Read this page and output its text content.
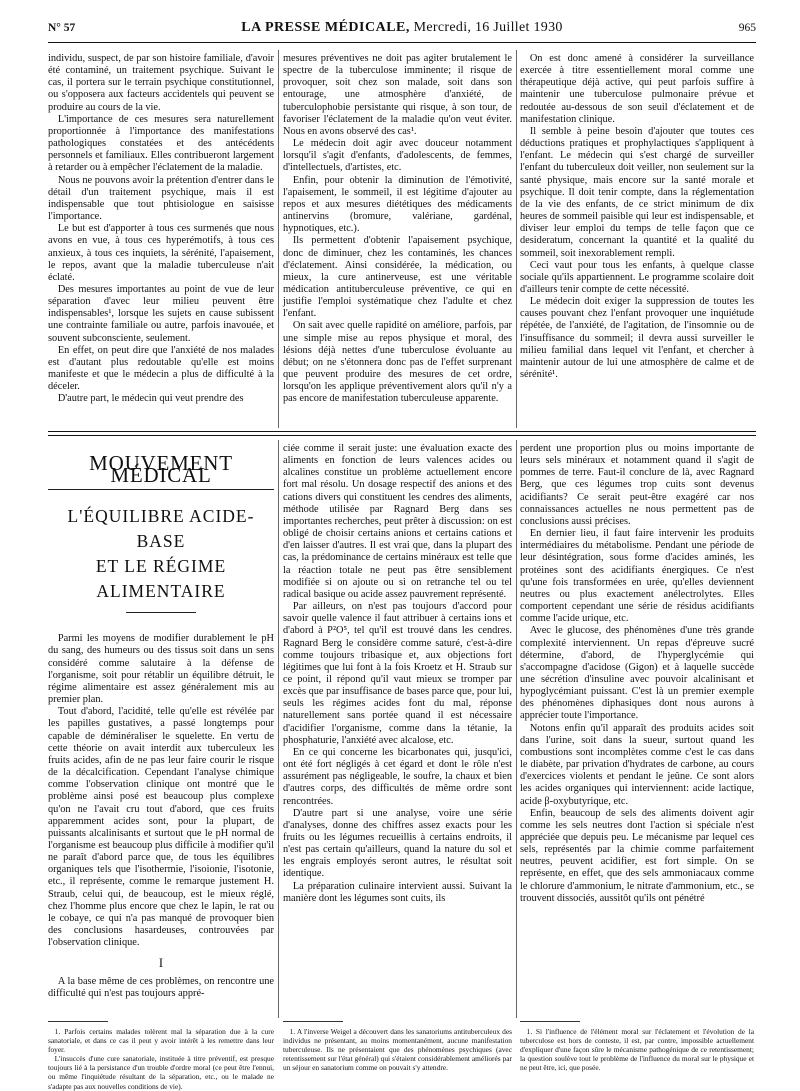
N° 57	LA PRESSE MÉDICALE, Mercredi, 16 Juillet 1930	965

individu, suspect, de par son histoire familiale, d'avoir été contaminé, un traitement psychique. Suivant le cas, il portera sur le terrain psychique constitutionnel, ou s'opposera aux facteurs accidentels qui peuvent se produire au cours de la vie.

L'importance de ces mesures sera naturellement proportionnée à l'importance des manifestations pathologiques constatées et des antécédents personnels et familiaux. Elles contribueront largement à retarder ou à empêcher l'éclatement de la maladie.

Nous ne pouvons avoir la prétention d'entrer dans le détail d'un traitement psychique, mais il est indispensable que tout phtisiologue en saisisse l'importance.

Le but est d'apporter à tous ces surmenés que nous avons en vue, à tous ces hyperémotifs, à tous ces anxieux, à tous ces inquiets, la sérénité, l'apaisement, le repos, avant que la maladie tuberculeuse n'ait éclaté.

Des mesures importantes au point de vue de leur séparation d'avec leur milieu peuvent être indispensables¹, lorsque les sujets en cause subissent une contrainte familiale ou autre, parfois inavouée, et souvent subconsciente, seulement.

En effet, on peut dire que l'anxiété de nos malades est d'autant plus redoutable qu'elle est moins manifeste et que le médecin a plus de difficulté à la déceler.

D'autre part, le médecin qui veut prendre des

mesures préventives ne doit pas agiter brutalement le spectre de la tuberculose imminente; il risque de provoquer, soit chez son malade, soit dans son entourage, une atmosphère d'anxiété, de tuberculophobie persistante qui risque, à son tour, de favoriser l'éclatement de la maladie qu'on veut éviter. Nous en avons observé des cas¹.

Le médecin doit agir avec douceur notamment lorsqu'il s'agit d'enfants, d'adolescents, de femmes, d'intellectuels, d'artistes, etc.

Enfin, pour obtenir la diminution de l'émotivité, l'apaisement, le sommeil, il est légitime d'ajouter au repos et aux mesures diététiques des médicaments antinervins (bromure, valériane, gardénal, hypnotiques, etc.).

Ils permettent d'obtenir l'apaisement psychique, donc de diminuer, chez les contaminés, les chances d'éclatement. Ainsi considérée, la médication, ou mieux, la cure antinerveuse, est une véritable médication antituberculeuse préventive, ce qui en justifie l'emploi systématique chez l'adulte et chez l'enfant.

On sait avec quelle rapidité on améliore, parfois, par une simple mise au repos physique et moral, des lésions déjà nettes d'une tuberculose évoluante au début; on ne s'étonnera donc pas de l'effet surprenant que peuvent produire des mesures de cet ordre, lorsqu'on les applique préventivement alors qu'il n'y a pas encore de manifestation tuberculeuse apparente.

On est donc amené à considérer la surveillance exercée à titre essentiellement moral comme une thérapeutique déjà active, qui peut parfois suffire à maintenir une tuberculose pulmonaire prévue et redoutée au-dessous de son seuil d'éclatement et de manifestation clinique.

Il semble à peine besoin d'ajouter que toutes ces déductions pratiques et prophylactiques s'appliquent à l'enfant. Le médecin qui s'est chargé de surveiller l'enfant du tuberculeux doit veiller, non seulement sur la santé physique, mais encore sur la santé morale et psychique. Il doit tenir compte, dans la réglementation de la vie des enfants, de ce strict minimum de dix heures de sommeil paisible qui leur est indispensable, et diviser leur emploi du temps de telle façon que ce desideratum, concernant la quantité et la qualité du sommeil, soit inexorablement rempli.

Ceci vaut pour tous les enfants, à quelque classe sociale qu'ils appartiennent. Le programme scolaire doit d'ailleurs tenir compte de cette nécessité.

Le médecin doit exiger la suppression de toutes les causes pouvant chez l'enfant provoquer une inquiétude répétée, de l'anxiété, de l'agitation, de l'insomnie ou de l'insuffisance du sommeil; il devra aussi surveiller le milieu familial dans lequel vit l'enfant, et chercher à maintenir autour de lui une atmosphère de calme et de sérénité¹.

MOUVEMENT MÉDICAL
L'ÉQUILIBRE ACIDE-BASE
ET LE RÉGIME ALIMENTAIRE

Parmi les moyens de modifier durablement le pH du sang, des humeurs ou des tissus soit dans un sens considéré comme salutaire à la défense de l'organisme, soit pour rétablir un équilibre détruit, le régime alimentaire est assez généralement mis au premier plan.

Tout d'abord, l'acidité, telle qu'elle est révélée par les papilles gustatives, a passé longtemps pour capable de déminéraliser le squelette. En vertu de cette théorie on avait interdit aux tuberculeux les fruits acides, afin de ne pas leur faire courir le risque de la décalcification. Cependant l'analyse chimique comme l'observation clinique ont montré que le problème ainsi posé est beaucoup plus complexe qu'on ne l'avait cru tout d'abord, que ces fruits apparemment acides sont, pour la plupart, de puissants alcalinisants et surtout que le pH normal de l'organisme est beaucoup plus difficile à modifier qu'il ne paraît d'abord parce que, de tous les équilibres organiques tels que l'isothermie, l'isoionie, l'isotonie, etc., il représente, comme le remarque justement H. Straub, celui qui, de beaucoup, est le mieux réglé, chez l'homme plus encore que chez le lapin, le rat ou le cobaye, ce qui n'a pas manqué de provoquer bien des conclusions hasardeuses, controuvées par l'observation clinique.

I

A la base même de ces problèmes, on rencontre une difficulté qui n'est pas toujours appré-

ciée comme il serait juste: une évaluation exacte des aliments en fonction de leurs valences acides ou alcalines constitue un problème actuellement encore fort mal résolu. Un dosage respectif des anions et des cations divers qui constituent les cendres des aliments, méthode utilisée par Ragnard Berg dans ses importantes recherches, peut prêter à discussion: on est obligé de choisir certains anions et certains cations et d'en laisser d'autres. Il est vrai que, dans la plupart des cas, la prédominance de certains minéraux est telle que la réaction totale ne peut pas être sensiblement modifiée si on ajoute ou si on retranche tel ou tel radical basique ou acide assez pauvrement représenté.

Par ailleurs, on n'est pas toujours d'accord pour savoir quelle valence il faut attribuer à certains ions et d'abord à P²O⁵, tel qu'il est trouvé dans les cendres. Ragnard Berg le considère comme saturé, c'est-à-dire comme toujours tribasique et, aux objections fort légitimes que lui font à la fois Kroetz et H. Straub sur ce point, il répond qu'il vaut mieux se tromper par excès que par insuffisance de bases parce que, pour lui, seuls les régimes acides font du mal, réponse naturellement sans portée quand il est nécessaire d'acidifier l'organisme, comme dans la tétanie, la phosphaturie, l'anxiété avec alcalose, etc.

En ce qui concerne les bicarbonates qui, jusqu'ici, ont été fort négligés à cet égard et dont le rôle n'est assurément pas négligeable, le soufre, la chaux et bien d'autres corps, des difficultés de même ordre sont rencontrées.

D'autre part si une analyse, voire une série d'analyses, donne des chiffres assez exacts pour les fruits ou les légumes recueillis à certains endroits, il n'est pas certain qu'ailleurs, quand la nature du sol et les engrais employés seront autres, le résultat soit identique.

La préparation culinaire intervient aussi. Suivant la manière dont les légumes sont cuits, ils

perdent une proportion plus ou moins importante de leurs sels minéraux et notamment quand il s'agit de pommes de terre. Faut-il conclure de là, avec Ragnard Berg, que ces légumes trop cuits sont devenus acidifiants? Ce serait peut-être exagéré car nos connaissances actuelles ne nous permettent pas de conclusions aussi précises.

En dernier lieu, il faut faire intervenir les produits intermédiaires du métabolisme. Pendant une période de leur désintégration, sous forme d'acides aminés, les protéines sont des acidifiants énergiques. Ce n'est qu'une fois transformées en urée, qu'elles deviennent neutres ou plus exactement anélectrolytes. Elles comportent cependant une série de résidus acidifiants comme l'acide urique, etc.

Avec le glucose, des phénomènes d'une très grande complexité interviennent. Un repas d'épreuve sucré détermine, d'abord, de l'hyperglycémie qui s'accompagne d'acidose (Gigon) et à laquelle succède une sécrétion d'insuline avec pouvoir alcalinisant et hypoglycémiant puissant. C'est là un premier exemple des phénomènes diphasiques dont nous aurons à apprécier toute l'importance.

Notons enfin qu'il apparaît des produits acides soit dans l'urine, soit dans la sueur, surtout quand les combustions sont incomplètes comme c'est le cas dans le diabète, par privation d'hydrates de carbone, au cours d'exercices violents et pendant le jeûne. Ce sont alors les acides organiques qui interviennent: acide lactique, acide β-oxybutyrique, etc.

Enfin, beaucoup de sels des aliments doivent agir comme les sels neutres dont l'action si spéciale n'est appréciée que depuis peu. Le mécanisme par lequel ces sels, représentés par la chimie comme parfaitement neutres, peuvent acidifier, est fort simple. On se représente, en effet, que des sels ammoniacaux comme le chlorure d'ammonium, le nitrate d'ammonium, etc., se trouvent dissociés, aussitôt qu'ils ont pénétré

1. Parfois certains malades tolèrent mal la séparation due à la cure sanatoriale, et dans ce cas il peut y avoir intérêt à les remettre dans leur foyer.

L'insuccès d'une cure sanatoriale, instituée à titre préventif, est presque toujours lié à la persistance d'un trouble d'ordre moral (ce peut être l'ennui, ou même l'inquiétude résultant de la séparation, etc., ou le malade ne s'adapte pas aux nouvelles conditions de vie).

1. A l'inverse Weigel a découvert dans les sanatoriums antituberculeux des individus ne présentant, au moins momentanément, aucune manifestation tuberculeuse. Ils ne présentaient que des phénomènes psychiques (avec retentissement sur l'état général) qui s'étaient considérablement améliorés par un séjour en sanatorium comme on pouvait s'y attendre.

1. Si l'influence de l'élément moral sur l'éclatement et l'évolution de la tuberculose est hors de conteste, il est, par contre, impossible actuellement d'expliquer d'une façon sûre le mécanisme pathogénique de ce retentissement; la question soulève tout le problème de l'influence du moral sur le physique et ne peut être, ici, que posée.
